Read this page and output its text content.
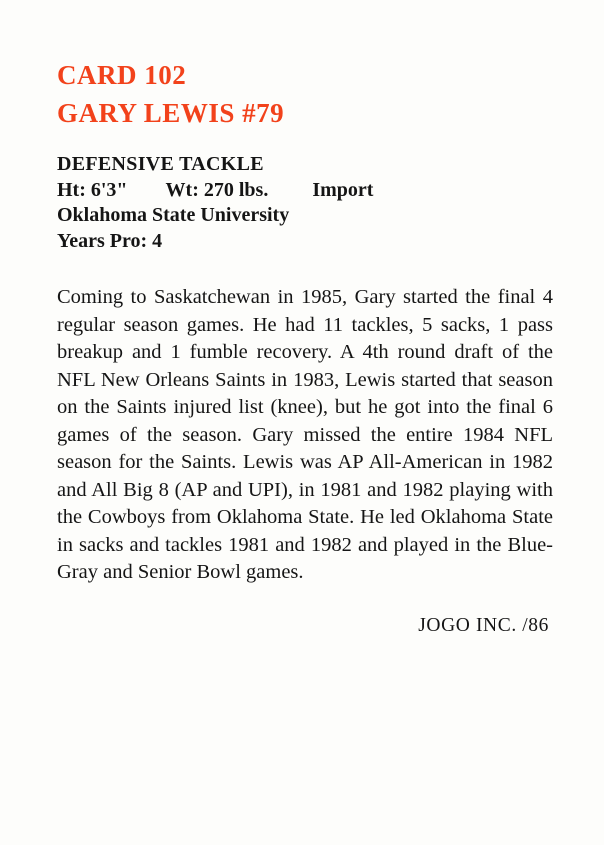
CARD 102
GARY LEWIS #79
DEFENSIVE TACKLE
Ht: 6'3" Wt: 270 lbs. Import
Oklahoma State University
Years Pro: 4

Coming to Saskatchewan in 1985, Gary started the final 4 regular season games. He had 11 tackles, 5 sacks, 1 pass breakup and 1 fumble recovery. A 4th round draft of the NFL New Orleans Saints in 1983, Lewis started that season on the Saints injured list (knee), but he got into the final 6 games of the season. Gary missed the entire 1984 NFL season for the Saints. Lewis was AP All-American in 1982 and All Big 8 (AP and UPI), in 1981 and 1982 playing with the Cowboys from Oklahoma State. He led Oklahoma State in sacks and tackles 1981 and 1982 and played in the Blue-Gray and Senior Bowl games.

JOGO INC. /86
